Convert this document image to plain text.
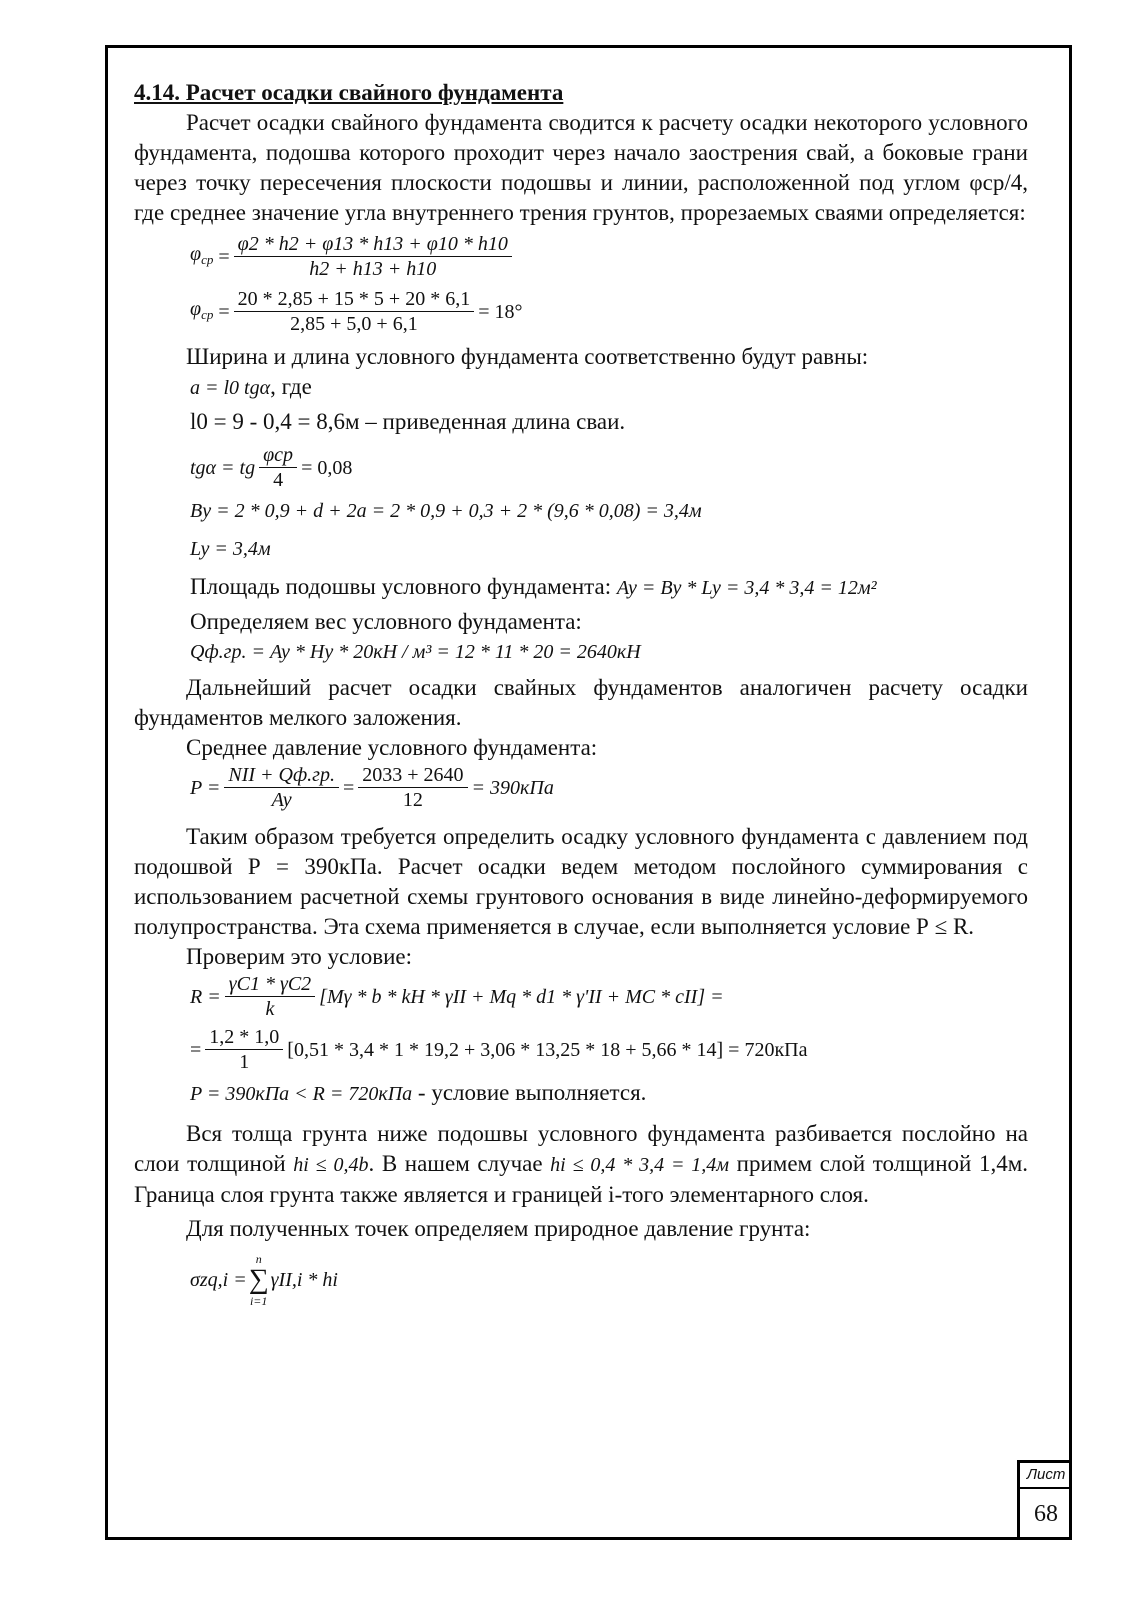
4.14. Расчет осадки свайного фундамента

Расчет осадки свайного фундамента сводится к расчету осадки некоторого условного фундамента, подошва которого проходит через начало заострения свай, а боковые грани через точку пересечения плоскости подошвы и линии, расположенной под углом φср/4, где среднее значение угла внутреннего трения грунтов, прорезаемых сваями определяется:

$\varphi_{ср} = \frac{\varphi 2 * h2 + \varphi 13 * h13 + \varphi 10 * h10}{h2 + h13 + h10}$
$\varphi_{ср} = \frac{20 * 2,85 + 15 * 5 + 20 * 6,1}{2,85 + 5,0 + 6,1} = 18^\circ$

Ширина и длина условного фундамента соответственно будут равны:

a = l0 tgα, где

l0 = 9 - 0,4 = 8,6м – приведенная длина сваи.

tgα = tg $\frac{\text{φср}}{4} = 0,08$
By = 2 * 0,9 + d + 2a = 2 * 0,9 + 0,3 + 2 * (9,6 * 0,08) = 3,4м
Ly = 3,4м

Площадь подошвы условного фундамента: Ay = By * Ly = 3,4 * 3,4 = 12м²

Определяем вес условного фундамента:

Qф.гр. = Ay * Hy * 20кН / м³ = 12 * 11 * 20 = 2640кН

Дальнейший расчет осадки свайных фундаментов аналогичен расчету осадки фундаментов мелкого заложения.

Среднее давление условного фундамента:

$P = \frac{\text{NII + Qф.гр.}}{Ay} = \frac{2033 + 2640}{12} = 390кПа$

Таким образом требуется определить осадку условного фундамента с давлением под подошвой Р = 390кПа. Расчет осадки ведем методом послойного суммирования с использованием расчетной схемы грунтового основания в виде линейно-деформируемого полупространства. Эта схема применяется в случае, если выполняется условие Р ≤ R.

Проверим это условие:

$R = \frac{\gamma C1 * \gamma C2}{k} [M\gamma * b$ * kH * γII + Mq * d1 * γ'II + MC * cII] =
= $\frac{1,2 * 1,0}{1} [0,51 * 3,4 * 1 * 19,2 + 3,06 * 13,25 * 18 + 5,66 * 14] = 720кПа$

P = 390кПа < R = 720кПа - условие выполняется.

Вся толща грунта ниже подошвы условного фундамента разбивается послойно на слои толщиной hi ≤ 0,4b. В нашем случае hi ≤ 0,4 * 3,4 = 1,4м примем слой толщиной 1,4м. Граница слоя грунта также является и границей i-того элементарного слоя.

Для полученных точек определяем природное давление грунта:

σzq,i =
n
∑
i=1
γII,i * hi
Лист
68
